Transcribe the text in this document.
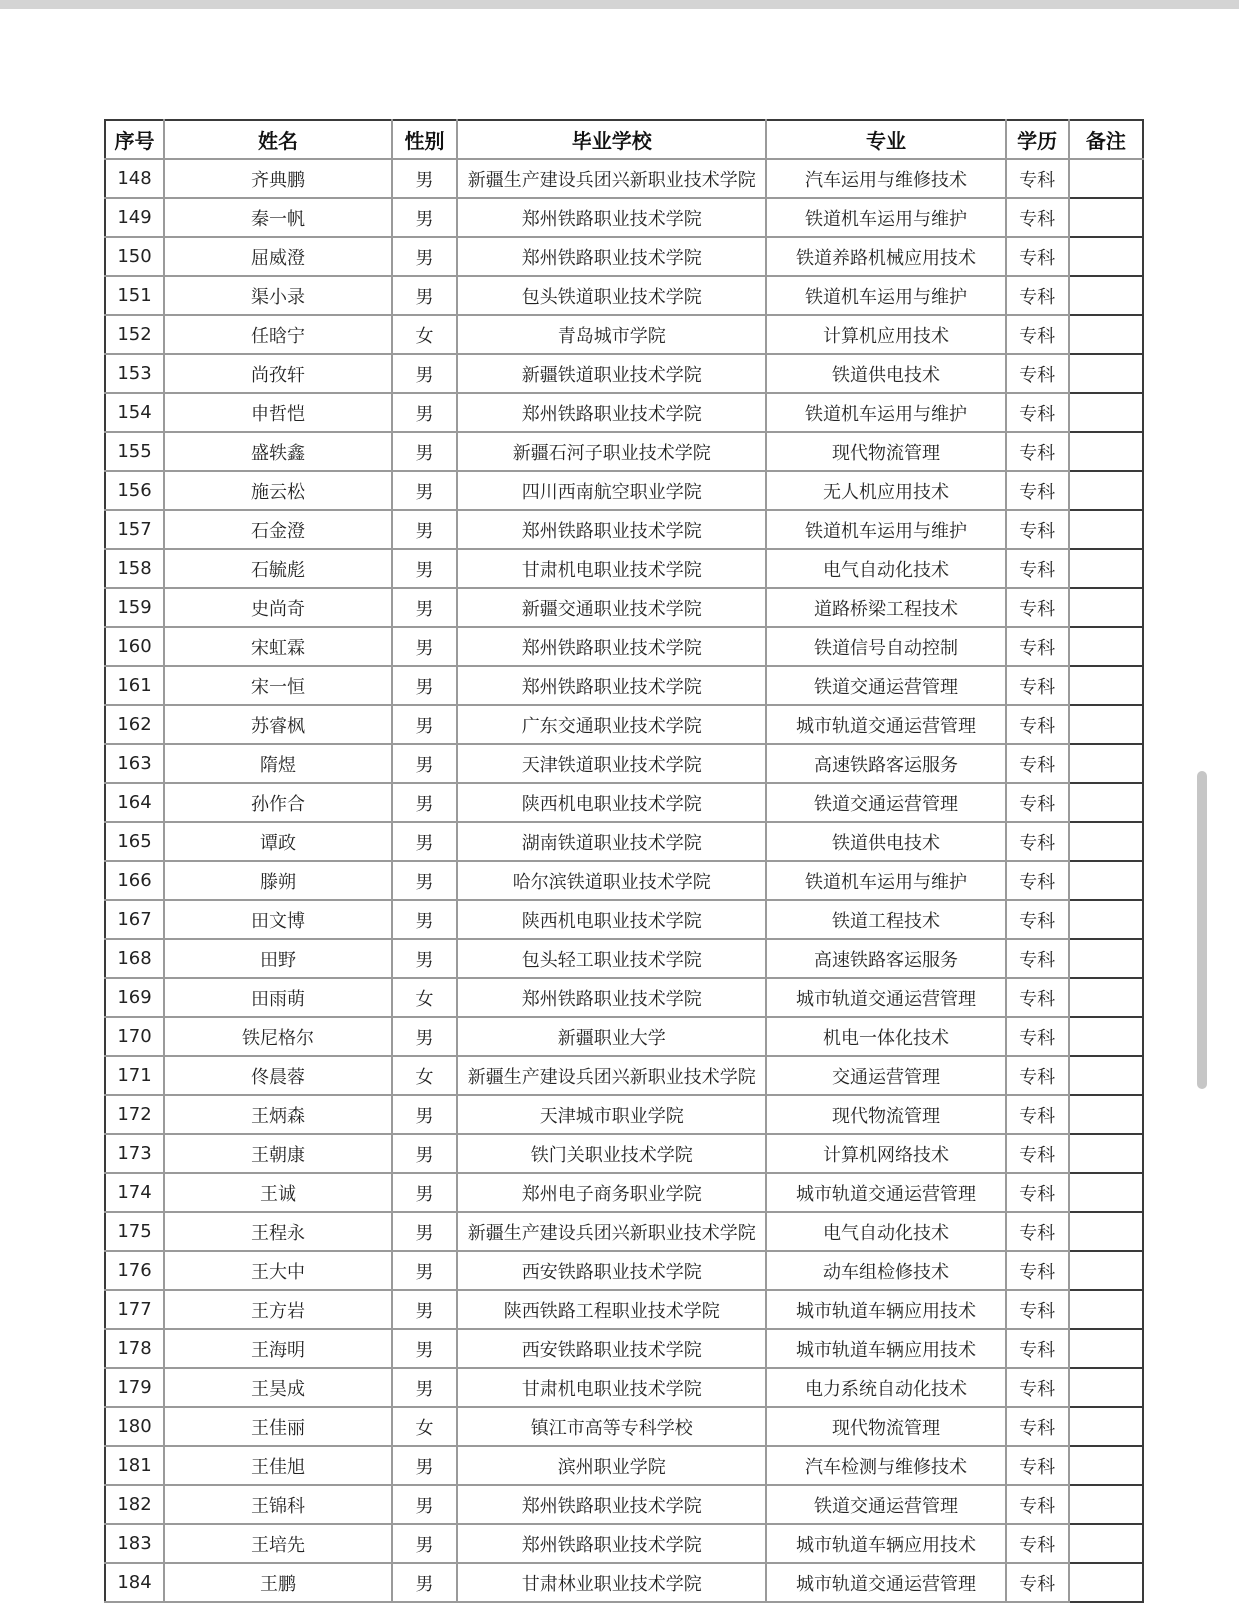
序号	姓名	性别	毕业学校	专业	学历	备注
148	齐典鹏	男	新疆生产建设兵团兴新职业技术学院	汽车运用与维修技术	专科	
149	秦一帆	男	郑州铁路职业技术学院	铁道机车运用与维护	专科	
150	屈威澄	男	郑州铁路职业技术学院	铁道养路机械应用技术	专科	
151	渠小录	男	包头铁道职业技术学院	铁道机车运用与维护	专科	
152	任晗宁	女	青岛城市学院	计算机应用技术	专科	
153	尚孜轩	男	新疆铁道职业技术学院	铁道供电技术	专科	
154	申哲恺	男	郑州铁路职业技术学院	铁道机车运用与维护	专科	
155	盛轶鑫	男	新疆石河子职业技术学院	现代物流管理	专科	
156	施云松	男	四川西南航空职业学院	无人机应用技术	专科	
157	石金澄	男	郑州铁路职业技术学院	铁道机车运用与维护	专科	
158	石毓彪	男	甘肃机电职业技术学院	电气自动化技术	专科	
159	史尚奇	男	新疆交通职业技术学院	道路桥梁工程技术	专科	
160	宋虹霖	男	郑州铁路职业技术学院	铁道信号自动控制	专科	
161	宋一恒	男	郑州铁路职业技术学院	铁道交通运营管理	专科	
162	苏睿枫	男	广东交通职业技术学院	城市轨道交通运营管理	专科	
163	隋煜	男	天津铁道职业技术学院	高速铁路客运服务	专科	
164	孙作合	男	陕西机电职业技术学院	铁道交通运营管理	专科	
165	谭政	男	湖南铁道职业技术学院	铁道供电技术	专科	
166	滕朔	男	哈尔滨铁道职业技术学院	铁道机车运用与维护	专科	
167	田文博	男	陕西机电职业技术学院	铁道工程技术	专科	
168	田野	男	包头轻工职业技术学院	高速铁路客运服务	专科	
169	田雨萌	女	郑州铁路职业技术学院	城市轨道交通运营管理	专科	
170	铁尼格尔	男	新疆职业大学	机电一体化技术	专科	
171	佟晨蓉	女	新疆生产建设兵团兴新职业技术学院	交通运营管理	专科	
172	王炳森	男	天津城市职业学院	现代物流管理	专科	
173	王朝康	男	铁门关职业技术学院	计算机网络技术	专科	
174	王诚	男	郑州电子商务职业学院	城市轨道交通运营管理	专科	
175	王程永	男	新疆生产建设兵团兴新职业技术学院	电气自动化技术	专科	
176	王大中	男	西安铁路职业技术学院	动车组检修技术	专科	
177	王方岩	男	陕西铁路工程职业技术学院	城市轨道车辆应用技术	专科	
178	王海明	男	西安铁路职业技术学院	城市轨道车辆应用技术	专科	
179	王昊成	男	甘肃机电职业技术学院	电力系统自动化技术	专科	
180	王佳丽	女	镇江市高等专科学校	现代物流管理	专科	
181	王佳旭	男	滨州职业学院	汽车检测与维修技术	专科	
182	王锦科	男	郑州铁路职业技术学院	铁道交通运营管理	专科	
183	王培先	男	郑州铁路职业技术学院	城市轨道车辆应用技术	专科	
184	王鹏	男	甘肃林业职业技术学院	城市轨道交通运营管理	专科	
